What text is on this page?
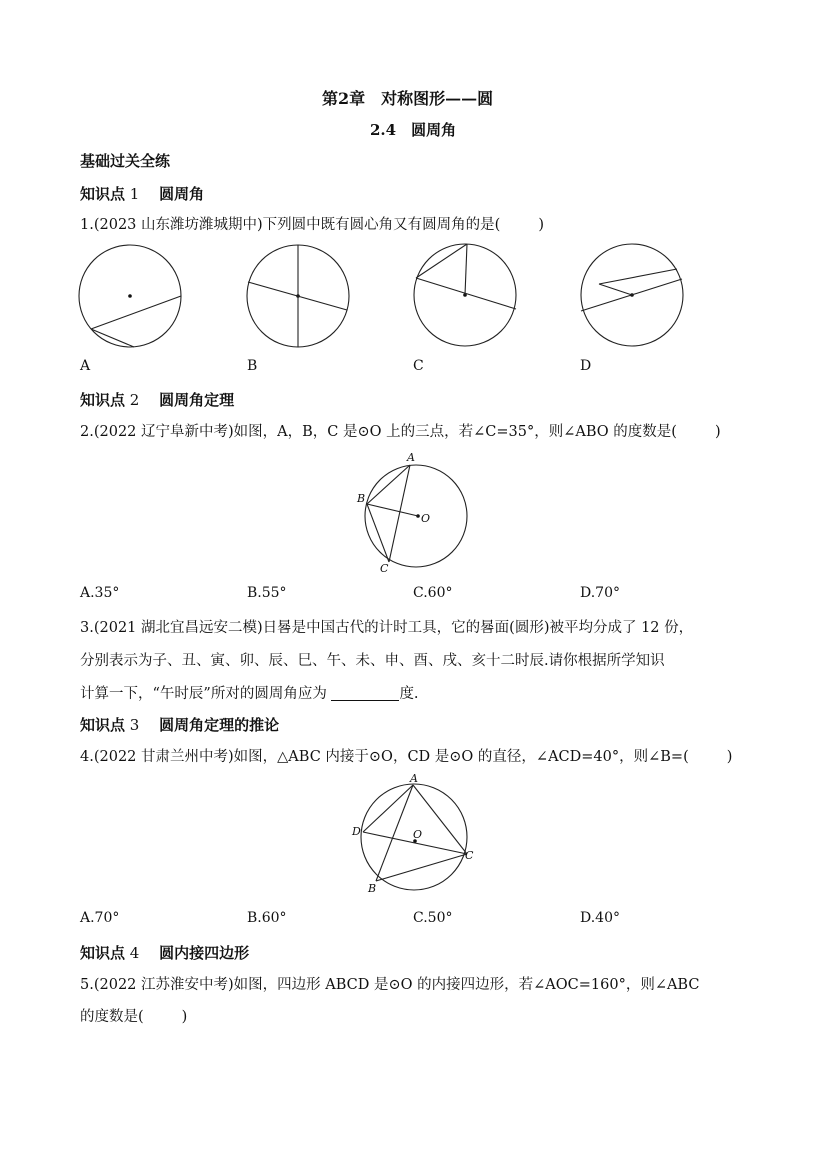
第2章　对称图形——圆
2.4　圆周角
基础过关全练
知识点 1　 圆周角
1.(2023 山东潍坊潍城期中)下列圆中既有圆心角又有圆周角的是(	)
A	B	C	D
知识点 2　 圆周角定理
2.(2022 辽宁阜新中考)如图，A，B，C 是⊙O 上的三点，若∠C=35°，则∠ABO 的度数是(	)
A
B
C
O
A.35°	B.55°	C.60°	D.70°
3.(2021 湖北宜昌远安二模)日晷是中国古代的计时工具，它的晷面(圆形)被平均分成了 12 份，
分别表示为子、丑、寅、卯、辰、巳、午、未、申、酉、戌、亥十二时辰.请你根据所学知识
计算一下，“午时辰”所对的圆周角应为	度.
知识点 3　 圆周角定理的推论
4.(2022 甘肃兰州中考)如图，△ABC 内接于⊙O，CD 是⊙O 的直径，∠ACD=40°，则∠B=(	)
A
D	O
C
B
A.70°	B.60°	C.50°	D.40°
知识点 4　 圆内接四边形
5.(2022 江苏淮安中考)如图，四边形 ABCD 是⊙O 的内接四边形，若∠AOC=160°，则∠ABC
的度数是(	)
